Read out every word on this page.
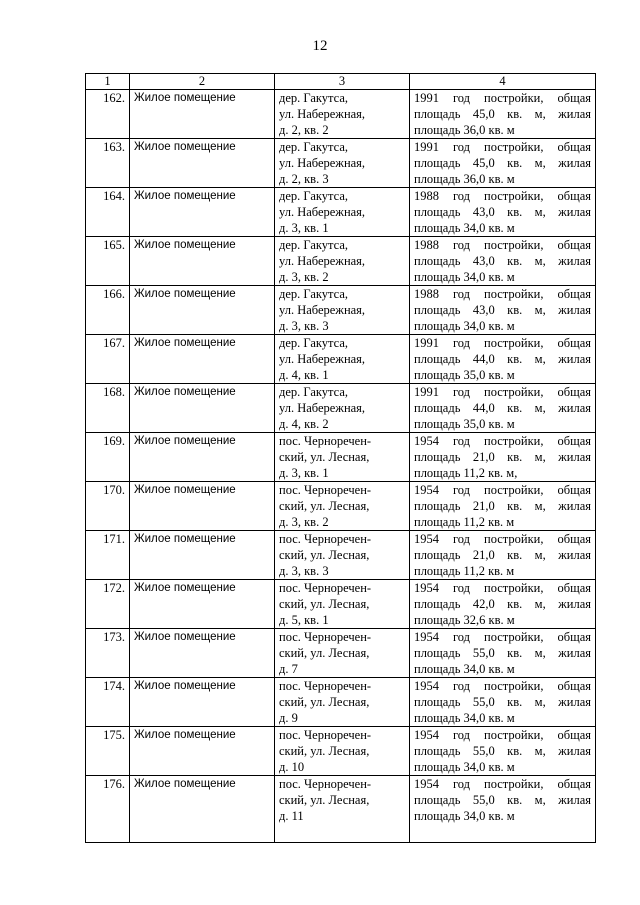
12
1	2	3	4
162.	Жилое помещение	дер. Гакутса,
ул. Набережная,
д. 2, кв. 2	1991 год постройки, общая
площадь 45,0 кв. м, жилая
площадь 36,0 кв. м

163.	Жилое помещение	дер. Гакутса,
ул. Набережная,
д. 2, кв. 3	1991 год постройки, общая
площадь 45,0 кв. м, жилая
площадь 36,0 кв. м

164.	Жилое помещение	дер. Гакутса,
ул. Набережная,
д. 3, кв. 1	1988 год постройки, общая
площадь 43,0 кв. м, жилая
площадь 34,0 кв. м

165.	Жилое помещение	дер. Гакутса,
ул. Набережная,
д. 3, кв. 2	1988 год постройки, общая
площадь 43,0 кв. м, жилая
площадь 34,0 кв. м

166.	Жилое помещение	дер. Гакутса,
ул. Набережная,
д. 3, кв. 3	1988 год постройки, общая
площадь 43,0 кв. м, жилая
площадь 34,0 кв. м

167.	Жилое помещение	дер. Гакутса,
ул. Набережная,
д. 4, кв. 1	1991 год постройки, общая
площадь 44,0 кв. м, жилая
площадь 35,0 кв. м

168.	Жилое помещение	дер. Гакутса,
ул. Набережная,
д. 4, кв. 2	1991 год постройки, общая
площадь 44,0 кв. м, жилая
площадь 35,0 кв. м

169.	Жилое помещение	пос. Черноречен-
ский, ул. Лесная,
д. 3, кв. 1	1954 год постройки, общая
площадь 21,0 кв. м, жилая
площадь 11,2 кв. м,

170.	Жилое помещение	пос. Черноречен-
ский, ул. Лесная,
д. 3, кв. 2	1954 год постройки, общая
площадь 21,0 кв. м, жилая
площадь 11,2 кв. м

171.	Жилое помещение	пос. Черноречен-
ский, ул. Лесная,
д. 3, кв. 3	1954 год постройки, общая
площадь 21,0 кв. м, жилая
площадь 11,2 кв. м

172.	Жилое помещение	пос. Черноречен-
ский, ул. Лесная,
д. 5, кв. 1	1954 год постройки, общая
площадь 42,0 кв. м, жилая
площадь 32,6 кв. м

173.	Жилое помещение	пос. Черноречен-
ский, ул. Лесная,
д. 7	1954 год постройки, общая
площадь 55,0 кв. м, жилая
площадь 34,0 кв. м

174.	Жилое помещение	пос. Черноречен-
ский, ул. Лесная,
д. 9	1954 год постройки, общая
площадь 55,0 кв. м, жилая
площадь 34,0 кв. м

175.	Жилое помещение	пос. Черноречен-
ский, ул. Лесная,
д. 10	1954 год постройки, общая
площадь 55,0 кв. м, жилая
площадь 34,0 кв. м

176.	Жилое помещение	пос. Черноречен-
ский, ул. Лесная,
д. 11	1954 год постройки, общая
площадь 55,0 кв. м, жилая
площадь 34,0 кв. м
